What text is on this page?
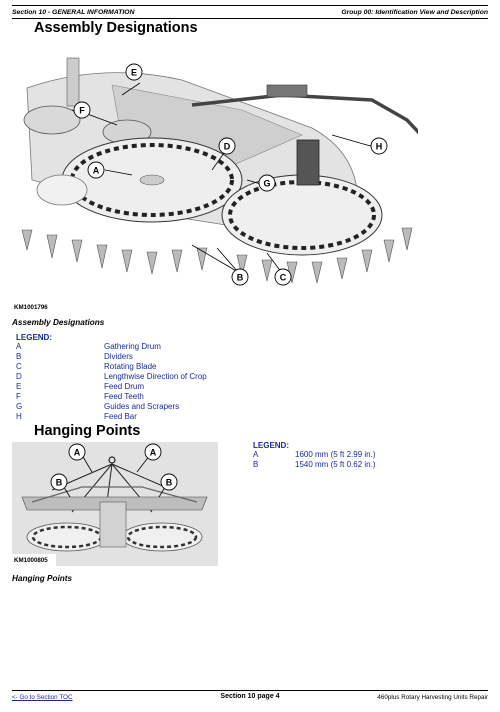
Section 10 - GENERAL INFORMATION	Group 00: Identification View and Description
Assembly Designations
E
F
A
D
G
H
B	C
KM1001796
Assembly Designations
LEGEND:
A	Gathering Drum
B	Dividers
C	Rotating Blade
D	Lengthwise Direction of Crop
E	Feed Drum
F	Feed Teeth
G	Guides and Scrapers
H	Feed Bar
Hanging Points
A	A
B	B
KM1000805
Hanging Points
LEGEND:
A	1600 mm (5 ft 2.99 in.)
B	1540 mm (5 ft 0.62 in.)
<- Go to Section TOC	Section 10 page 4	460plus Rotary Harvesting Units Repair
